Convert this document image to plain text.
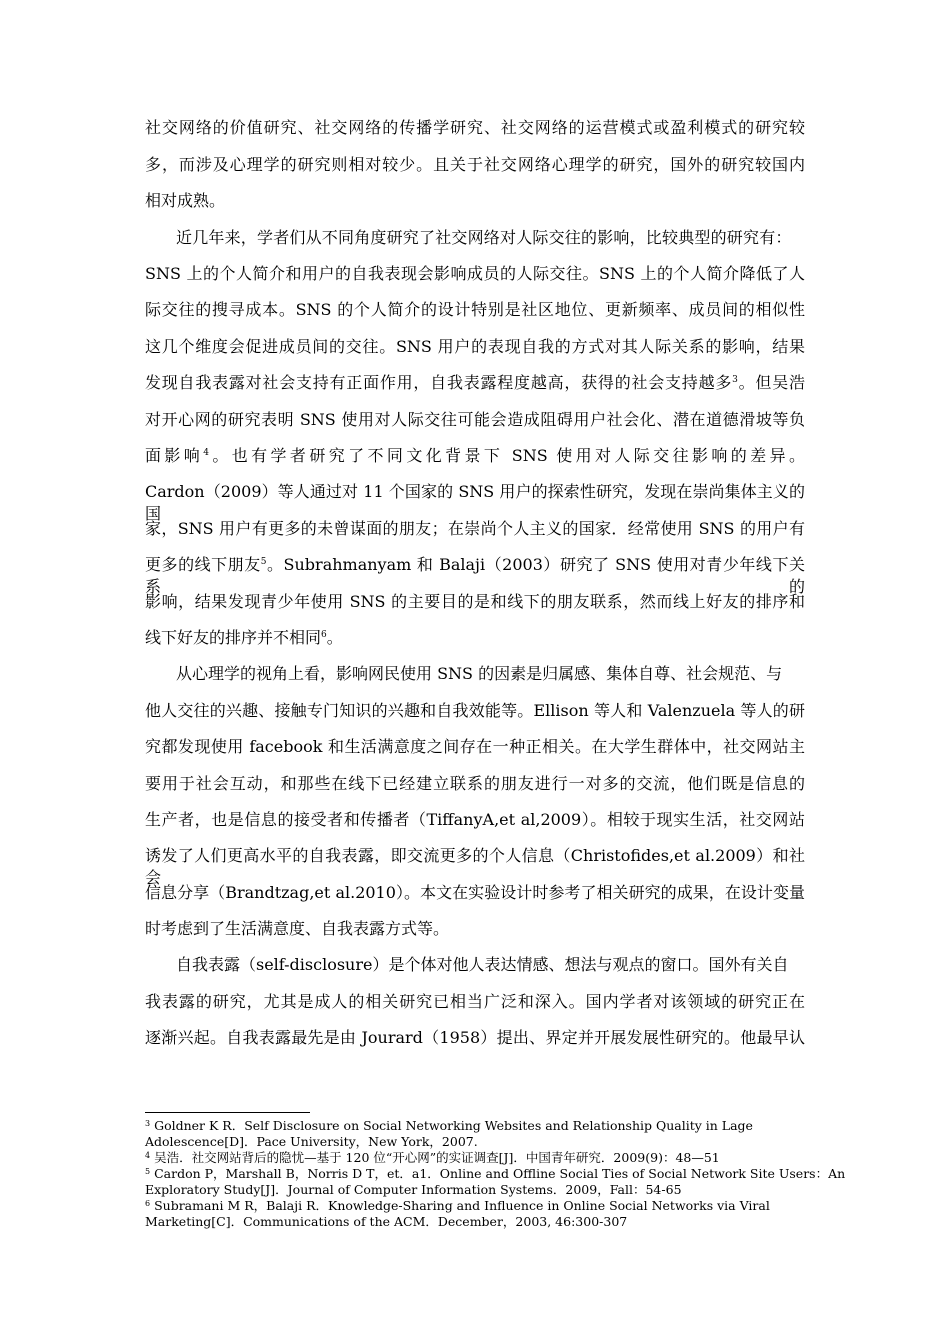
社交网络的价值研究、社交网络的传播学研究、社交网络的运营模式或盈利模式的研究较

多，而涉及心理学的研究则相对较少。且关于社交网络心理学的研究，国外的研究较国内

相对成熟。

近几年来，学者们从不同角度研究了社交网络对人际交往的影响，比较典型的研究有：

SNS 上的个人简介和用户的自我表现会影响成员的人际交往。SNS 上的个人简介降低了人

际交往的搜寻成本。SNS 的个人简介的设计特别是社区地位、更新频率、成员间的相似性

这几个维度会促进成员间的交往。SNS 用户的表现自我的方式对其人际关系的影响，结果

发现自我表露对社会支持有正面作用，自我表露程度越高，获得的社会支持越多$^3$。但吴浩

对开心网的研究表明 SNS 使用对人际交往可能会造成阻碍用户社会化、潜在道德滑坡等负

面影响$^4$。也有学者研究了不同文化背景下 SNS 使用对人际交往影响的差异。

Cardon（2009）等人通过对 11 个国家的 SNS 用户的探索性研究，发现在崇尚集体主义的国

家，SNS 用户有更多的未曾谋面的朋友；在崇尚个人主义的国家．经常使用 SNS 的用户有

更多的线下朋友$^5$。Subrahmanyam 和 Balaji（2003）研究了 SNS 使用对青少年线下关系的

影响，结果发现青少年使用 SNS 的主要目的是和线下的朋友联系，然而线上好友的排序和

线下好友的排序并不相同$^6$。

从心理学的视角上看，影响网民使用 SNS 的因素是归属感、集体自尊、社会规范、与

他人交往的兴趣、接触专门知识的兴趣和自我效能等。Ellison 等人和 Valenzuela 等人的研

究都发现使用 facebook 和生活满意度之间存在一种正相关。在大学生群体中，社交网站主

要用于社会互动，和那些在线下已经建立联系的朋友进行一对多的交流，他们既是信息的

生产者，也是信息的接受者和传播者（TiffanyA,et al,2009）。相较于现实生活，社交网站

诱发了人们更高水平的自我表露，即交流更多的个人信息（Christofides,et al.2009）和社会

信息分享（Brandtzag,et al.2010）。本文在实验设计时参考了相关研究的成果，在设计变量

时考虑到了生活满意度、自我表露方式等。

自我表露（self-disclosure）是个体对他人表达情感、想法与观点的窗口。国外有关自

我表露的研究，尤其是成人的相关研究已相当广泛和深入。国内学者对该领域的研究正在

逐渐兴起。自我表露最先是由 Jourard（1958）提出、界定并开展发展性研究的。他最早认

$^3$ Goldner K R．Self Disclosure on Social Networking Websites and Relationship Quality in Lage

Adolescence[D]．Pace University，New York，2007.

$^4$ 吴浩．社交网站背后的隐忧—基于 120 位“开心网”的实证调查[J]．中国青年研究．2009(9)：48—51

$^5$ Cardon P，Marshall B，Norris D T，et．a1．Online and Offline Social Ties of Social Network Site Users：An

Exploratory Study[J]．Journal of Computer Information Systems．2009，Fall：54-65

$^6$ Subramani M R，Balaji R．Knowledge-Sharing and Influence in Online Social Networks via Viral

Marketing[C]．Communications of the ACM．December，2003, 46:300-307
